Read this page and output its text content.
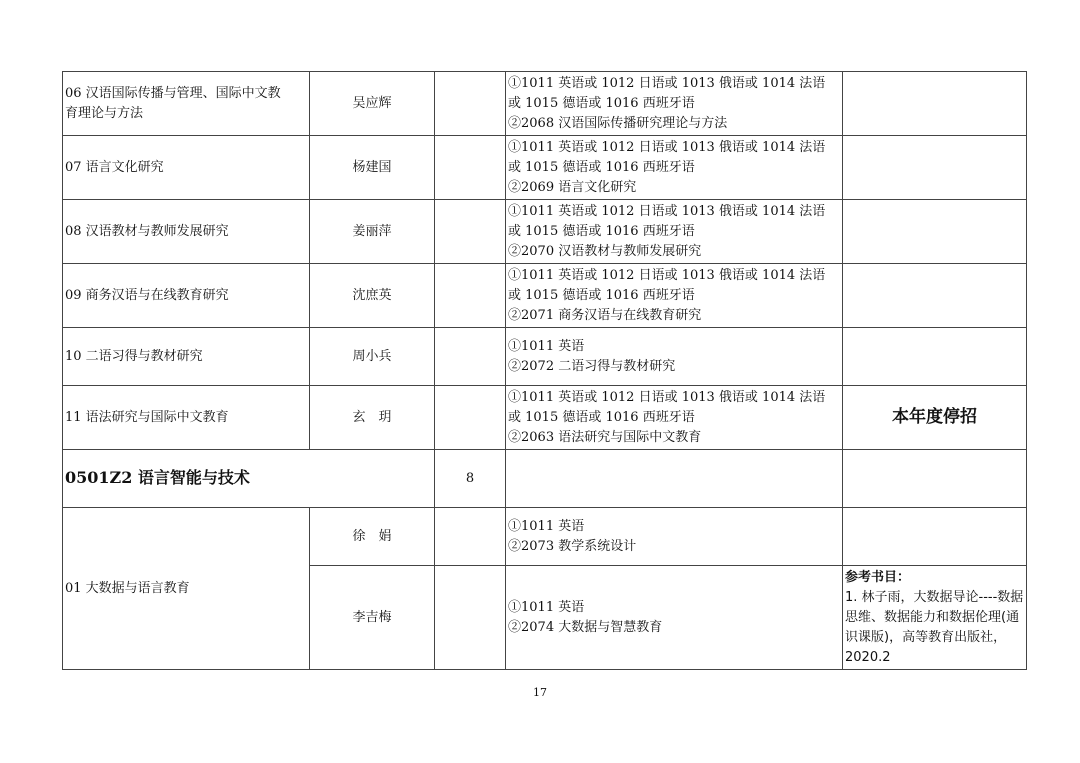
06 汉语国际传播与管理、国际中文教
育理论与方法	吴应辉		①1011 英语或 1012 日语或 1013 俄语或 1014 法语
或 1015 德语或 1016 西班牙语
②2068 汉语国际传播研究理论与方法	

07 语言文化研究	杨建国		①1011 英语或 1012 日语或 1013 俄语或 1014 法语
或 1015 德语或 1016 西班牙语
②2069 语言文化研究	

08 汉语教材与教师发展研究	姜丽萍		①1011 英语或 1012 日语或 1013 俄语或 1014 法语
或 1015 德语或 1016 西班牙语
②2070 汉语教材与教师发展研究	

09 商务汉语与在线教育研究	沈庶英		①1011 英语或 1012 日语或 1013 俄语或 1014 法语
或 1015 德语或 1016 西班牙语
②2071 商务汉语与在线教育研究	

10 二语习得与教材研究	周小兵		①1011 英语
②2072 二语习得与教材研究	

11 语法研究与国际中文教育	玄　玥		①1011 英语或 1012 日语或 1013 俄语或 1014 法语
或 1015 德语或 1016 西班牙语
②2063 语法研究与国际中文教育	本年度停招
0501Z2 语言智能与技术		8		
01 大数据与语言教育	徐　娟		①1011 英语
②2073 教学系统设计	

	李吉梅		①1011 英语
②2074 大数据与智慧教育	参考书目：
1. 林子雨，大数据导论----数据
思维、数据能力和数据伦理(通
识课版)，高等教育出版社，
2020.2
17
